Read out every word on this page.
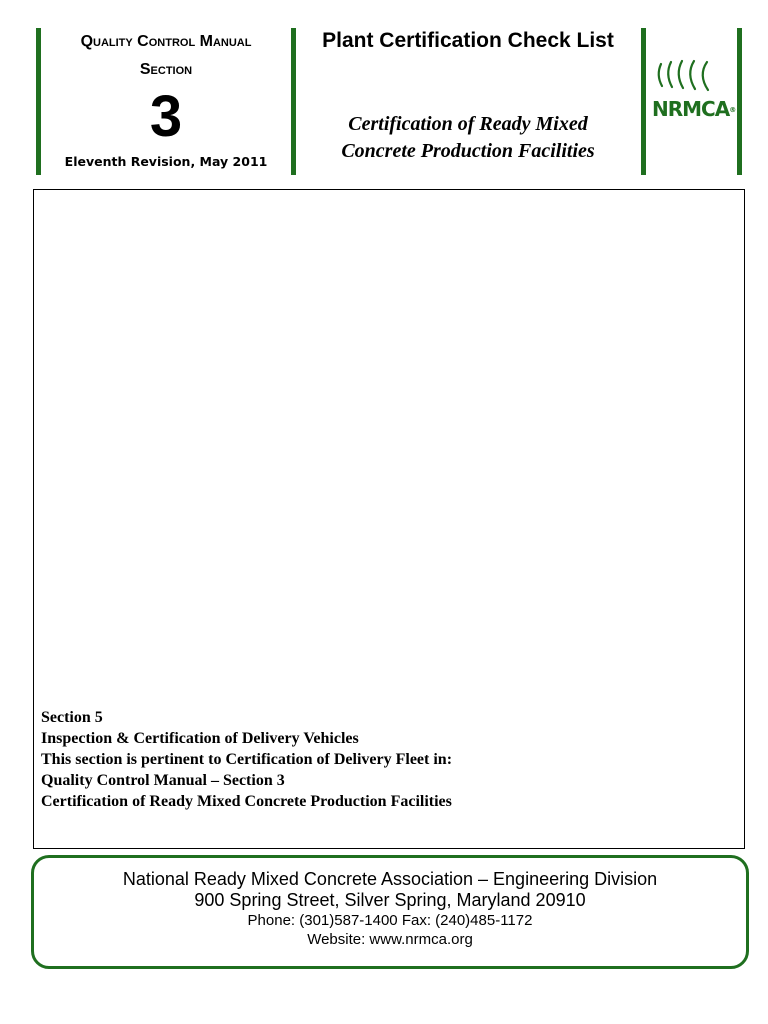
Quality Control Manual
Section
3
Eleventh Revision, May 2011
Plant Certification Check List
Certification of Ready Mixed
Concrete Production Facilities
NRMCA®
Section 5
Inspection & Certification of Delivery Vehicles
This section is pertinent to Certification of Delivery Fleet in:
Quality Control Manual – Section 3
Certification of Ready Mixed Concrete Production Facilities
National Ready Mixed Concrete Association – Engineering Division
900 Spring Street, Silver Spring, Maryland 20910
Phone: (301)587-1400 Fax: (240)485-1172
Website: www.nrmca.org
